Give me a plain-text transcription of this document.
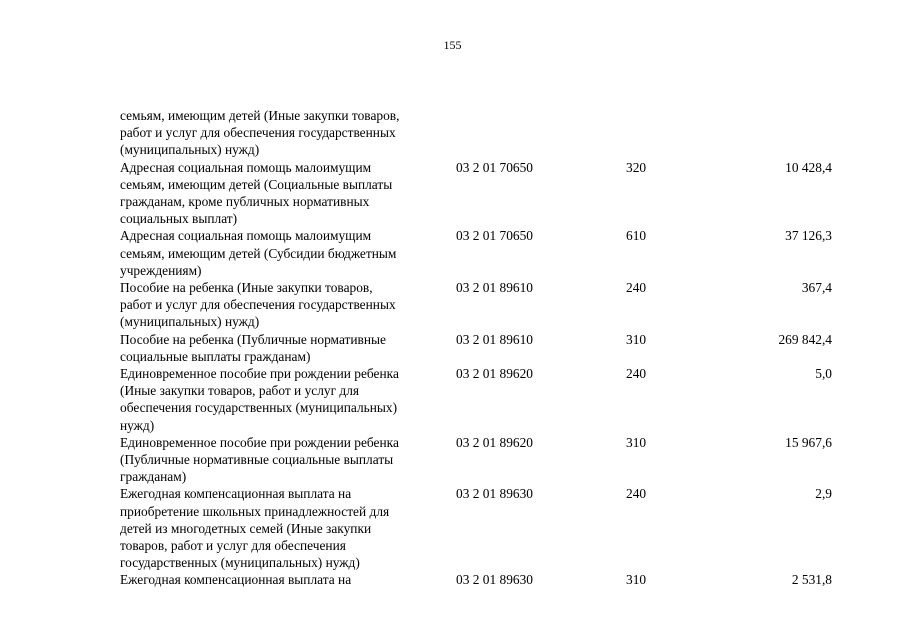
155
семьям, имеющим детей (Иные закупки товаров,
работ и услуг для обеспечения государственных
(муниципальных) нужд)				
Адресная социальная помощь малоимущим
семьям, имеющим детей (Социальные выплаты
гражданам, кроме публичных нормативных
социальных выплат)		03 2 01 70650	320	10 428,4
Адресная социальная помощь малоимущим
семьям, имеющим детей (Субсидии бюджетным
учреждениям)		03 2 01 70650	610	37 126,3
Пособие на ребенка (Иные закупки товаров,
работ и услуг для обеспечения государственных
(муниципальных) нужд)		03 2 01 89610	240	367,4
Пособие на ребенка (Публичные нормативные
социальные выплаты гражданам)		03 2 01 89610	310	269 842,4
Единовременное пособие при рождении ребенка
(Иные закупки товаров, работ и услуг для
обеспечения государственных (муниципальных)
нужд)		03 2 01 89620	240	5,0
Единовременное пособие при рождении ребенка
(Публичные нормативные социальные выплаты
гражданам)		03 2 01 89620	310	15 967,6
Ежегодная компенсационная выплата на
приобретение школьных принадлежностей для
детей из многодетных семей (Иные закупки
товаров, работ и услуг для обеспечения
государственных (муниципальных) нужд)		03 2 01 89630	240	2,9
Ежегодная компенсационная выплата на		03 2 01 89630	310	2 531,8
